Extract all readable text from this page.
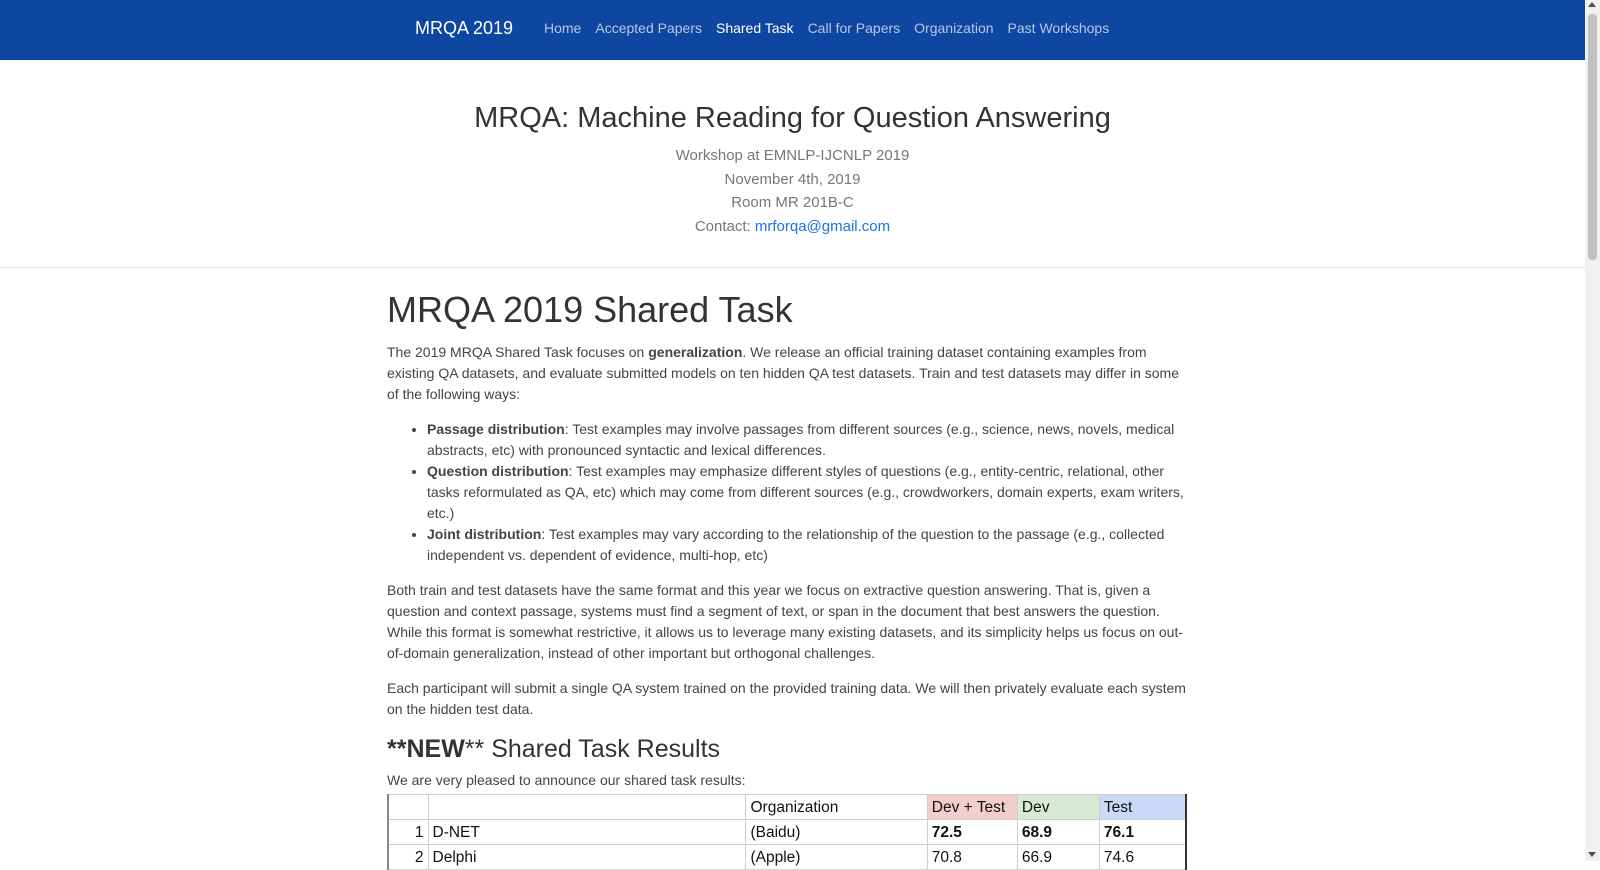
MRQA 2019 Home Accepted Papers Shared Task Call for Papers Organization Past Workshops
MRQA: Machine Reading for Question Answering
Workshop at EMNLP-IJCNLP 2019
November 4th, 2019
Room MR 201B-C
Contact: mrforqa@gmail.com
MRQA 2019 Shared Task

The 2019 MRQA Shared Task focuses on generalization. We release an official training dataset containing examples from existing QA datasets, and evaluate submitted models on ten hidden QA test datasets. Train and test datasets may differ in some of the following ways:

• Passage distribution: Test examples may involve passages from different sources (e.g., science, news, novels, medical abstracts, etc) with pronounced syntactic and lexical differences.
• Question distribution: Test examples may emphasize different styles of questions (e.g., entity-centric, relational, other tasks reformulated as QA, etc) which may come from different sources (e.g., crowdworkers, domain experts, exam writers, etc.)
• Joint distribution: Test examples may vary according to the relationship of the question to the passage (e.g., collected independent vs. dependent of evidence, multi-hop, etc)

Both train and test datasets have the same format and this year we focus on extractive question answering. That is, given a question and context passage, systems must find a segment of text, or span in the document that best answers the question. While this format is somewhat restrictive, it allows us to leverage many existing datasets, and its simplicity helps us focus on out-of-domain generalization, instead of other important but orthogonal challenges.

Each participant will submit a single QA system trained on the provided training data. We will then privately evaluate each system on the hidden test data.

**NEW** Shared Task Results

We are very pleased to announce our shared task results:

		Organization	Dev + Test	Dev	Test
1	D-NET	(Baidu)	72.5	68.9	76.1
2	Delphi	(Apple)	70.8	66.9	74.6
